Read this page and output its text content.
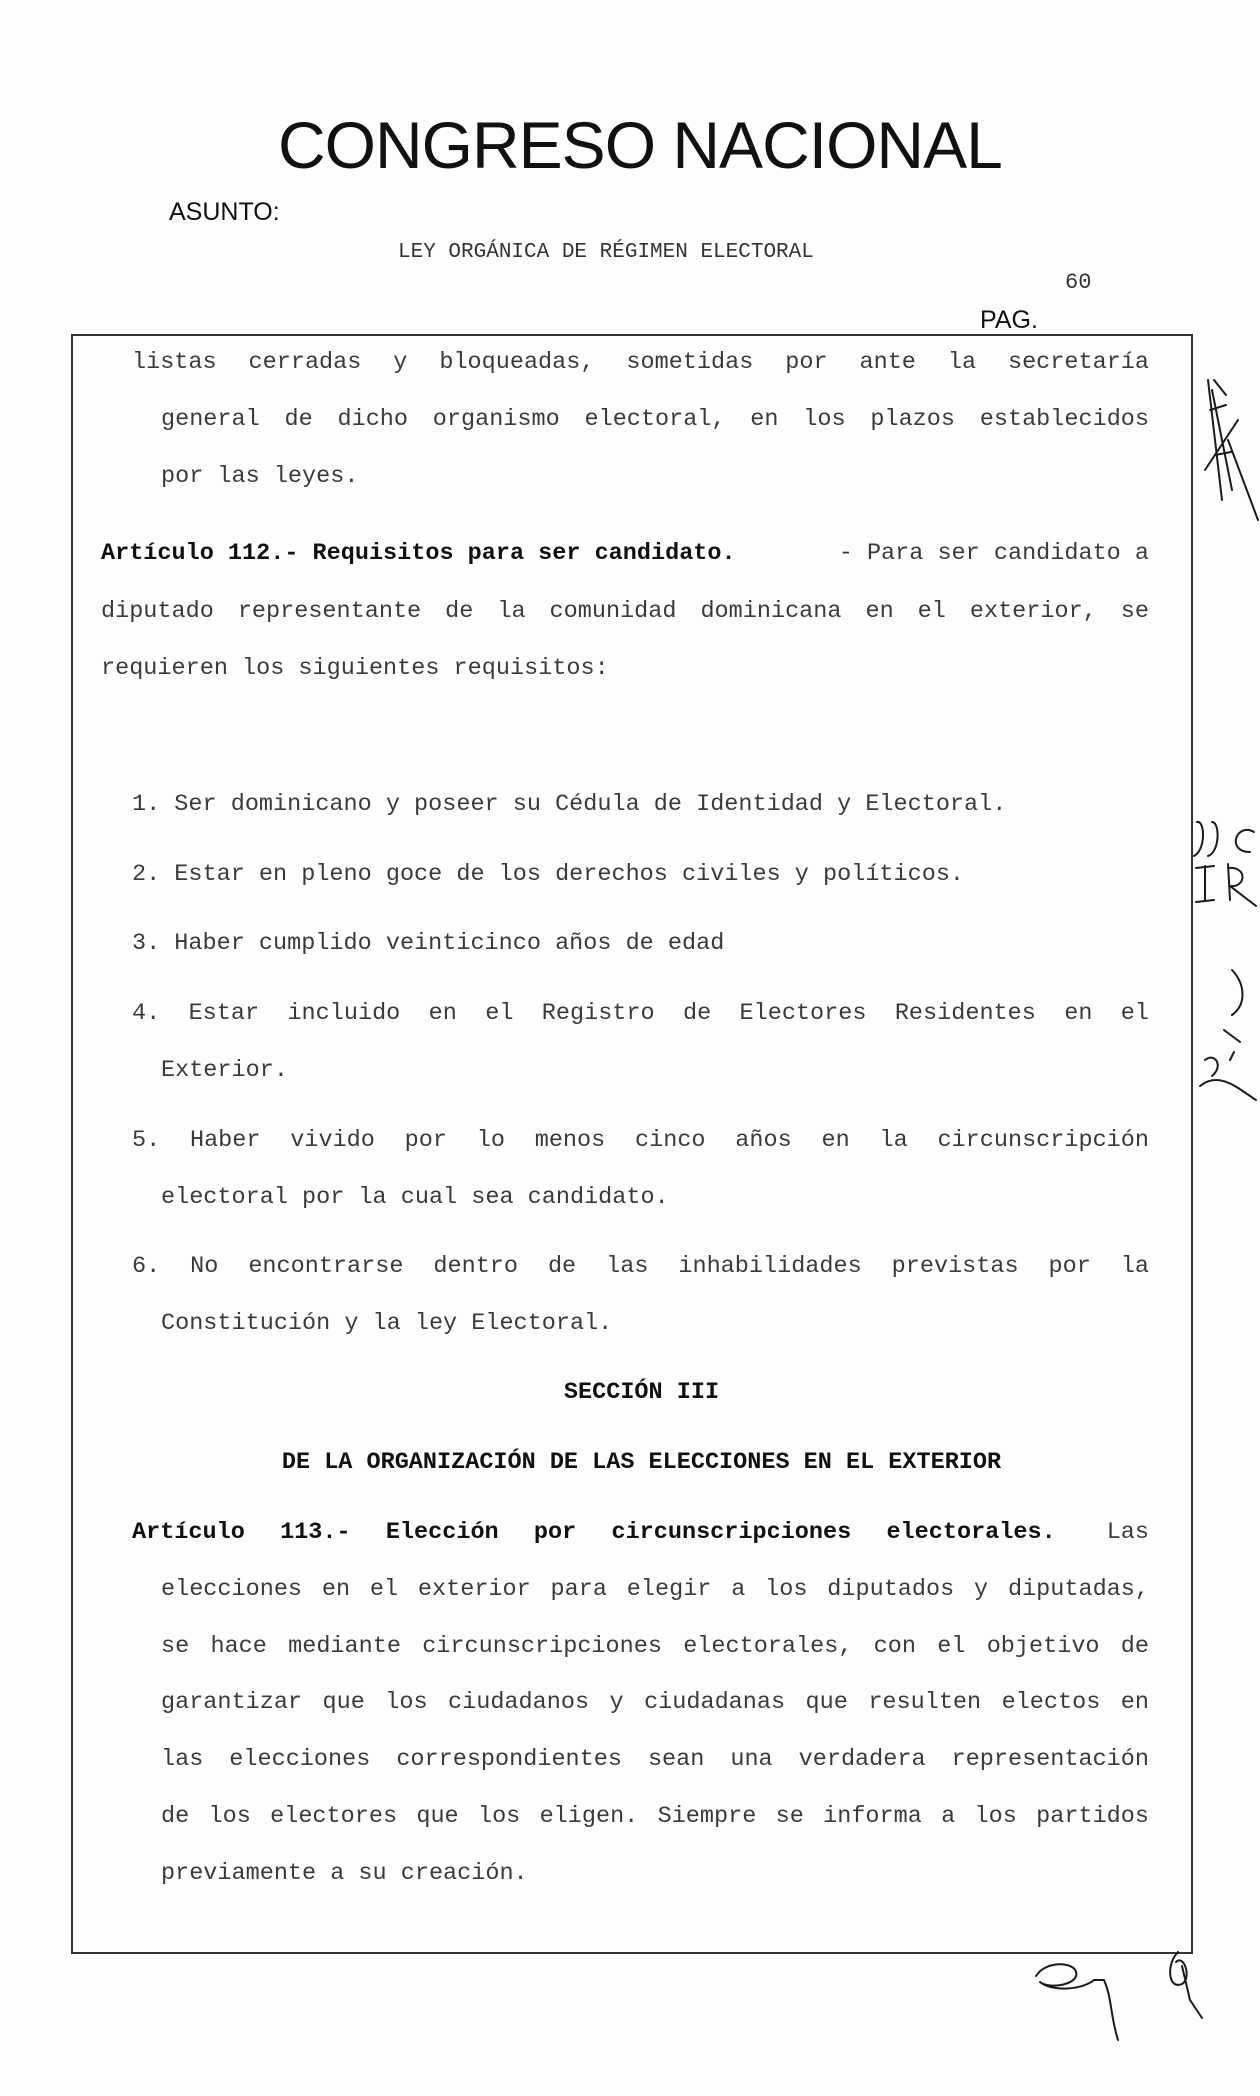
CONGRESO NACIONAL
ASUNTO:
LEY ORGÁNICA DE RÉGIMEN ELECTORAL
60
PAG.
listas cerradas y bloqueadas, sometidas por ante la secretaría
general de dicho organismo electoral, en los plazos establecidos
por las leyes.
Artículo 112.- Requisitos para ser candidato.	- Para ser candidato a
diputado representante de la comunidad dominicana en el exterior, se
requieren los siguientes requisitos:
1. Ser dominicano y poseer su Cédula de Identidad y Electoral.
2. Estar en pleno goce de los derechos civiles y políticos.
3. Haber cumplido veinticinco años de edad
4. Estar incluido en el Registro de Electores Residentes en el
Exterior.
5. Haber vivido por lo menos cinco años en la circunscripción
electoral por la cual sea candidato.
6. No encontrarse dentro de las inhabilidades previstas por la
Constitución y la ley Electoral.
SECCIÓN III
DE LA ORGANIZACIÓN DE LAS ELECCIONES EN EL EXTERIOR
Artículo 113.- Elección por circunscripciones electorales. Las
elecciones en el exterior para elegir a los diputados y diputadas,
se hace mediante circunscripciones electorales, con el objetivo de
garantizar que los ciudadanos y ciudadanas que resulten electos en
las elecciones correspondientes sean una verdadera representación
de los electores que los eligen. Siempre se informa a los partidos
previamente a su creación.
